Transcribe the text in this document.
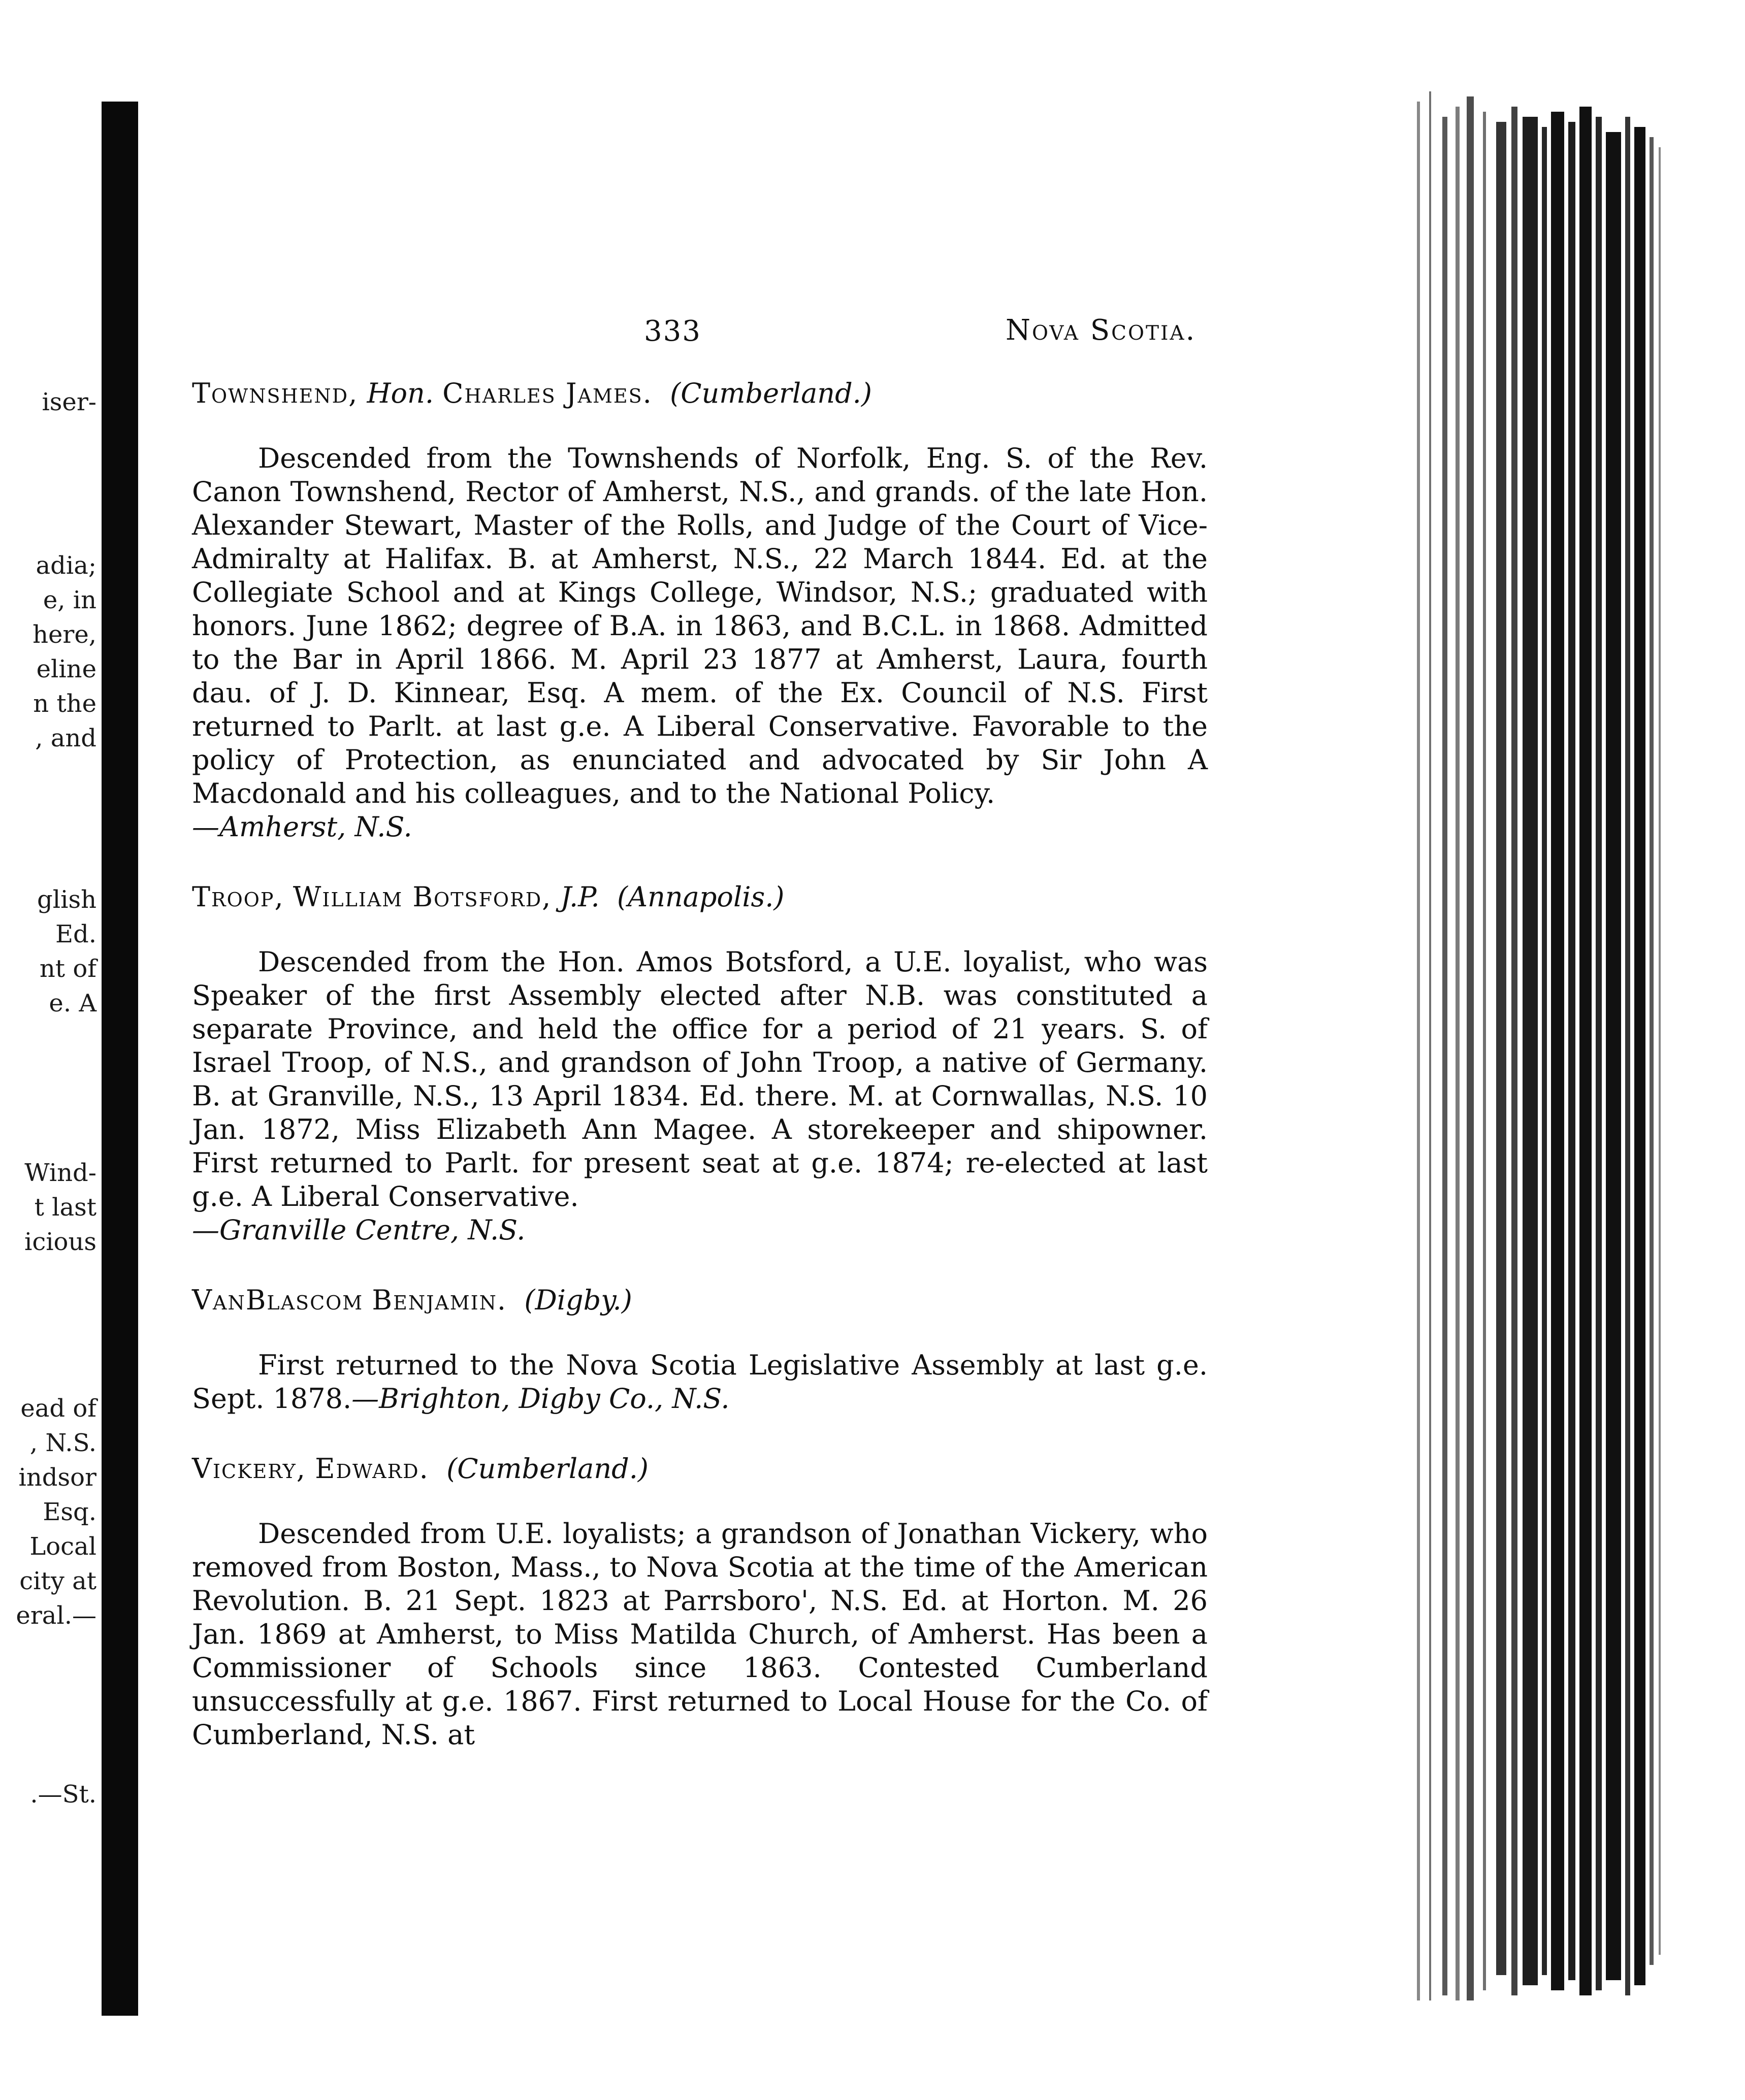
iser-
adia;
e, in
here,
eline
n the
, and
glish
Ed.
nt of
e. A
Wind-
t last
icious
ead of
, N.S.
indsor
Esq.
Local
city at
eral.—
.—St.
333	Nova Scotia.
Townshend, Hon. Charles James. (Cumberland.)

Descended from the Townshends of Norfolk, Eng. S. of the Rev. Canon Townshend, Rector of Amherst, N.S., and grands. of the late Hon. Alexander Stewart, Master of the Rolls, and Judge of the Court of Vice-Admiralty at Halifax. B. at Amherst, N.S., 22 March 1844. Ed. at the Collegiate School and at Kings College, Windsor, N.S.; graduated with honors. June 1862; degree of B.A. in 1863, and B.C.L. in 1868. Admitted to the Bar in April 1866. M. April 23 1877 at Amherst, Laura, fourth dau. of J. D. Kinnear, Esq. A mem. of the Ex. Council of N.S. First returned to Parlt. at last g.e. A Liberal Conservative. Favorable to the policy of Protection, as enunciated and advocated by Sir John A Macdonald and his colleagues, and to the National Policy.
—Amherst, N.S.

Troop, William Botsford, J.P. (Annapolis.)

Descended from the Hon. Amos Botsford, a U.E. loyalist, who was Speaker of the first Assembly elected after N.B. was constituted a separate Province, and held the office for a period of 21 years. S. of Israel Troop, of N.S., and grandson of John Troop, a native of Germany. B. at Granville, N.S., 13 April 1834. Ed. there. M. at Cornwallas, N.S. 10 Jan. 1872, Miss Elizabeth Ann Magee. A storekeeper and shipowner. First returned to Parlt. for present seat at g.e. 1874; re-elected at last g.e. A Liberal Conservative.
—Granville Centre, N.S.

VanBlascom Benjamin. (Digby.)

First returned to the Nova Scotia Legislative Assembly at last g.e. Sept. 1878.—Brighton, Digby Co., N.S.

Vickery, Edward. (Cumberland.)

Descended from U.E. loyalists; a grandson of Jonathan Vickery, who removed from Boston, Mass., to Nova Scotia at the time of the American Revolution. B. 21 Sept. 1823 at Parrsboro', N.S. Ed. at Horton. M. 26 Jan. 1869 at Amherst, to Miss Matilda Church, of Amherst. Has been a Commissioner of Schools since 1863. Contested Cumberland unsuccessfully at g.e. 1867. First returned to Local House for the Co. of Cumberland, N.S. at
